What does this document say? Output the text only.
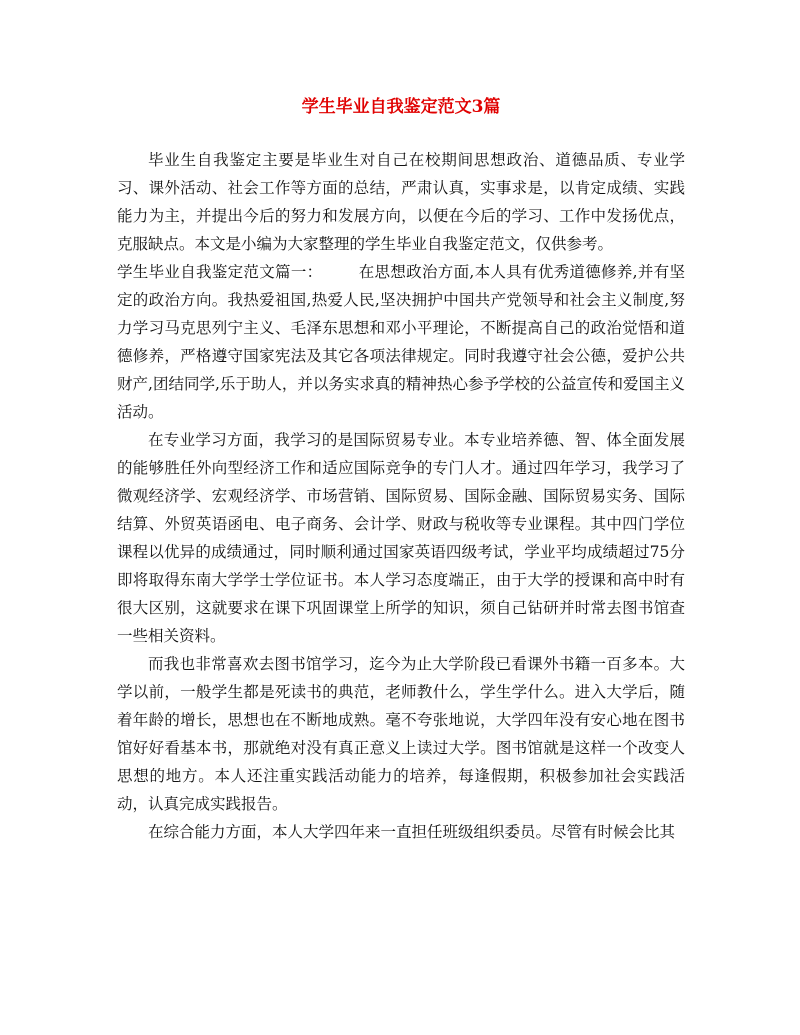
学生毕业自我鉴定范文3篇

毕业生自我鉴定主要是毕业生对自己在校期间思想政治、道德品质、专业学习、课外活动、社会工作等方面的总结，严肃认真，实事求是，以肯定成绩、实践能力为主，并提出今后的努力和发展方向，以便在今后的学习、工作中发扬优点，克服缺点。本文是小编为大家整理的学生毕业自我鉴定范文，仅供参考。

学生毕业自我鉴定范文篇一： 在思想政治方面,本人具有优秀道德修养,并有坚定的政治方向。我热爱祖国,热爱人民,坚决拥护中国共产党领导和社会主义制度,努力学习马克思列宁主义、毛泽东思想和邓小平理论，不断提高自己的政治觉悟和道德修养，严格遵守国家宪法及其它各项法律规定。同时我遵守社会公德，爱护公共财产,团结同学,乐于助人，并以务实求真的精神热心参予学校的公益宣传和爱国主义活动。

在专业学习方面，我学习的是国际贸易专业。本专业培养德、智、体全面发展的能够胜任外向型经济工作和适应国际竞争的专门人才。通过四年学习，我学习了微观经济学、宏观经济学、市场营销、国际贸易、国际金融、国际贸易实务、国际结算、外贸英语函电、电子商务、会计学、财政与税收等专业课程。其中四门学位课程以优异的成绩通过，同时顺利通过国家英语四级考试，学业平均成绩超过75分即将取得东南大学学士学位证书。本人学习态度端正，由于大学的授课和高中时有很大区别，这就要求在课下巩固课堂上所学的知识，须自己钻研并时常去图书馆查一些相关资料。

而我也非常喜欢去图书馆学习，迄今为止大学阶段已看课外书籍一百多本。大学以前，一般学生都是死读书的典范，老师教什么，学生学什么。进入大学后，随着年龄的增长，思想也在不断地成熟。毫不夸张地说，大学四年没有安心地在图书馆好好看基本书，那就绝对没有真正意义上读过大学。图书馆就是这样一个改变人思想的地方。本人还注重实践活动能力的培养，每逢假期，积极参加社会实践活动，认真完成实践报告。

在综合能力方面，本人大学四年来一直担任班级组织委员。尽管有时候会比其
